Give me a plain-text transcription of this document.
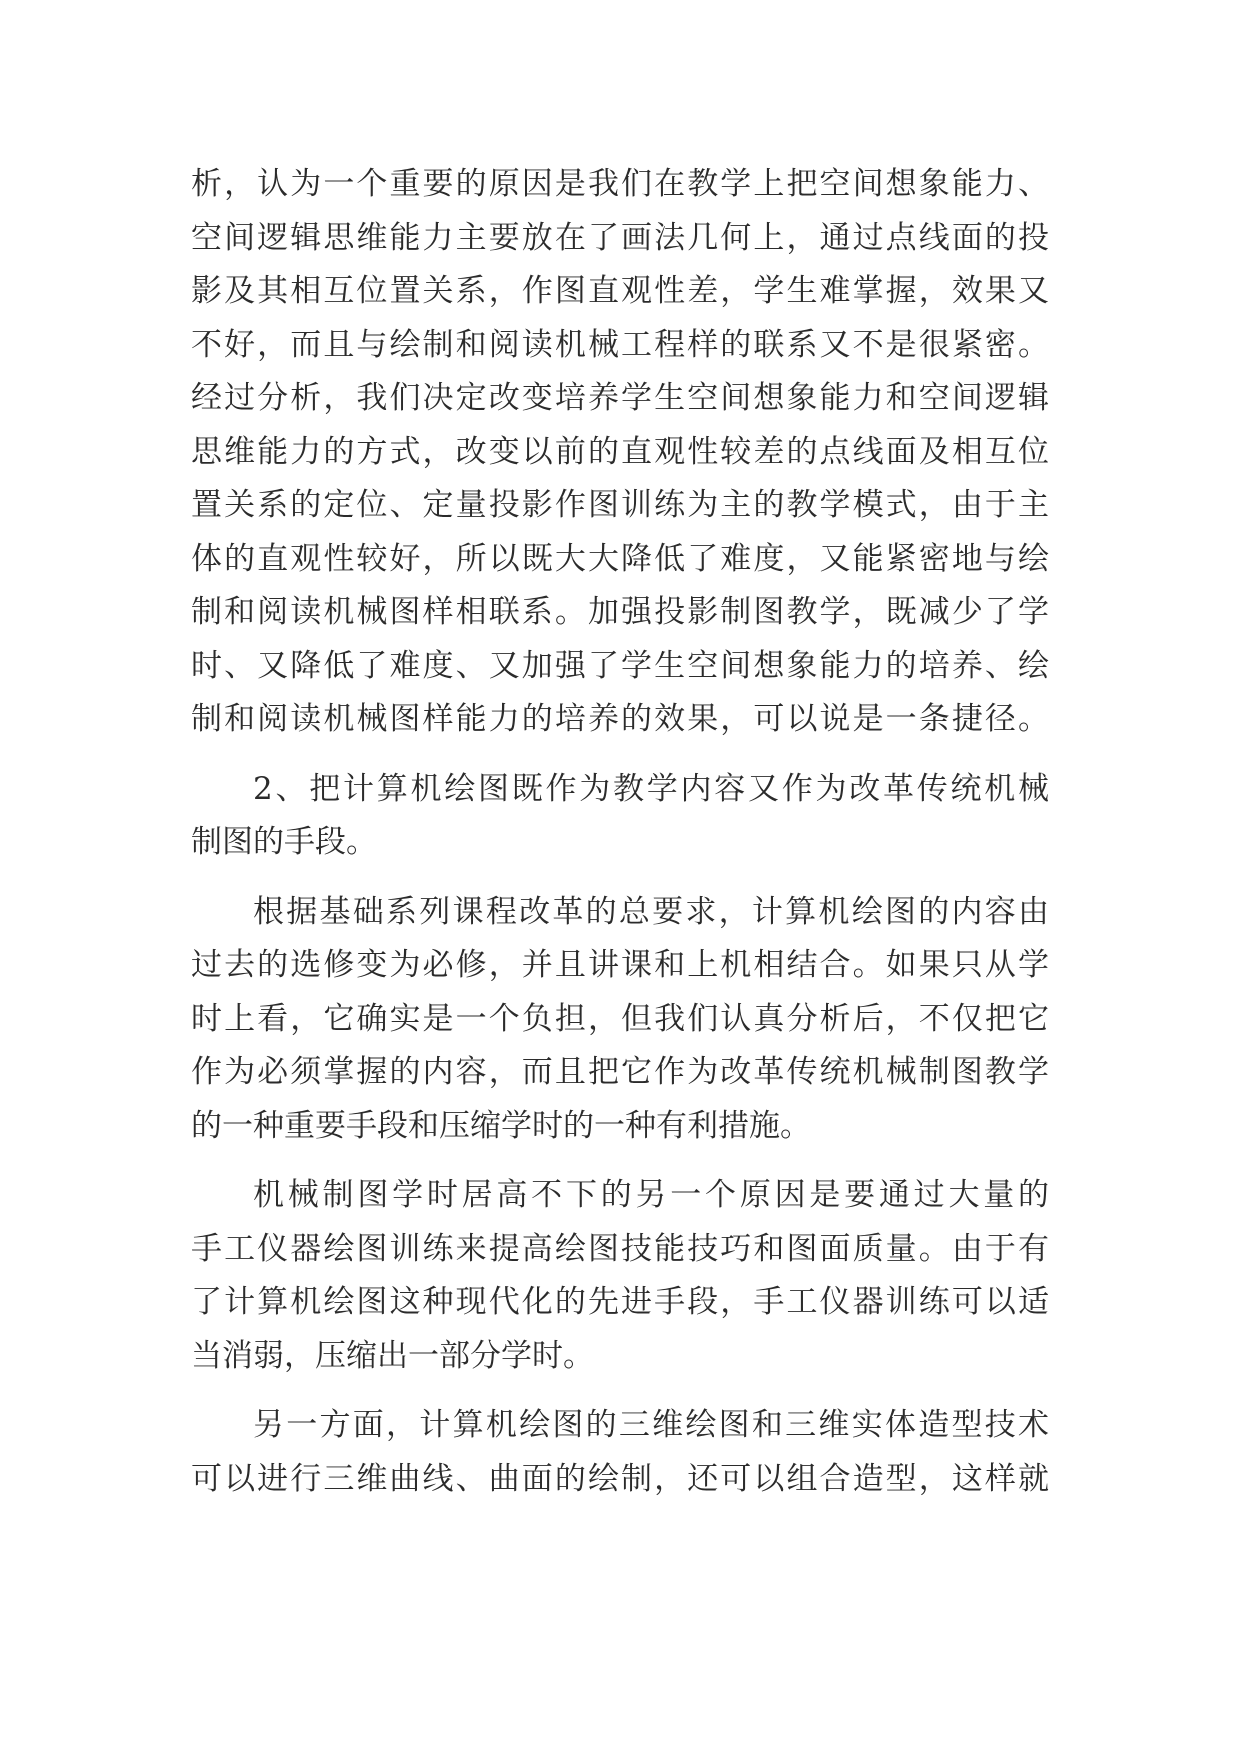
析，认为一个重要的原因是我们在教学上把空间想象能力、
空间逻辑思维能力主要放在了画法几何上，通过点线面的投
影及其相互位置关系，作图直观性差，学生难掌握，效果又
不好，而且与绘制和阅读机械工程样的联系又不是很紧密。
经过分析，我们决定改变培养学生空间想象能力和空间逻辑
思维能力的方式，改变以前的直观性较差的点线面及相互位
置关系的定位、定量投影作图训练为主的教学模式，由于主
体的直观性较好，所以既大大降低了难度，又能紧密地与绘
制和阅读机械图样相联系。加强投影制图教学，既减少了学
时、又降低了难度、又加强了学生空间想象能力的培养、绘
制和阅读机械图样能力的培养的效果，可以说是一条捷径。
2、把计算机绘图既作为教学内容又作为改革传统机械
制图的手段。
根据基础系列课程改革的总要求，计算机绘图的内容由
过去的选修变为必修，并且讲课和上机相结合。如果只从学
时上看，它确实是一个负担，但我们认真分析后，不仅把它
作为必须掌握的内容，而且把它作为改革传统机械制图教学
的一种重要手段和压缩学时的一种有利措施。
机械制图学时居高不下的另一个原因是要通过大量的
手工仪器绘图训练来提高绘图技能技巧和图面质量。由于有
了计算机绘图这种现代化的先进手段，手工仪器训练可以适
当消弱，压缩出一部分学时。
另一方面，计算机绘图的三维绘图和三维实体造型技术
可以进行三维曲线、曲面的绘制，还可以组合造型，这样就
